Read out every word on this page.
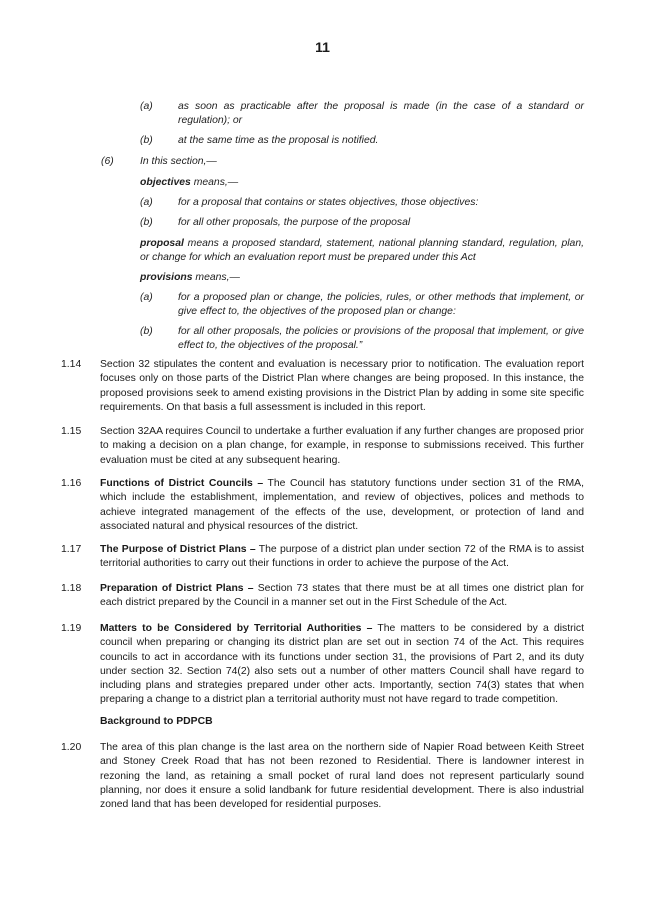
11
(a) as soon as practicable after the proposal is made (in the case of a standard or regulation); or
(b) at the same time as the proposal is notified.
(6)	In this section,—
objectives means,—
(a) for a proposal that contains or states objectives, those objectives:
(b) for all other proposals, the purpose of the proposal
proposal means a proposed standard, statement, national planning standard, regulation, plan, or change for which an evaluation report must be prepared under this Act
provisions means,—
(a) for a proposed plan or change, the policies, rules, or other methods that implement, or give effect to, the objectives of the proposed plan or change:
(b) for all other proposals, the policies or provisions of the proposal that implement, or give effect to, the objectives of the proposal.”
1.14 Section 32 stipulates the content and evaluation is necessary prior to notification. The evaluation report focuses only on those parts of the District Plan where changes are being proposed. In this instance, the proposed provisions seek to amend existing provisions in the District Plan by adding in some site specific requirements. On that basis a full assessment is included in this report.
1.15 Section 32AA requires Council to undertake a further evaluation if any further changes are proposed prior to making a decision on a plan change, for example, in response to submissions received. This further evaluation must be cited at any subsequent hearing.
1.16 Functions of District Councils – The Council has statutory functions under section 31 of the RMA, which include the establishment, implementation, and review of objectives, polices and methods to achieve integrated management of the effects of the use, development, or protection of land and associated natural and physical resources of the district.
1.17 The Purpose of District Plans – The purpose of a district plan under section 72 of the RMA is to assist territorial authorities to carry out their functions in order to achieve the purpose of the Act.
1.18 Preparation of District Plans – Section 73 states that there must be at all times one district plan for each district prepared by the Council in a manner set out in the First Schedule of the Act.
1.19 Matters to be Considered by Territorial Authorities – The matters to be considered by a district council when preparing or changing its district plan are set out in section 74 of the Act. This requires councils to act in accordance with its functions under section 31, the provisions of Part 2, and its duty under section 32. Section 74(2) also sets out a number of other matters Council shall have regard to including plans and strategies prepared under other acts. Importantly, section 74(3) states that when preparing a change to a district plan a territorial authority must not have regard to trade competition.
Background to PDPCB
1.20 The area of this plan change is the last area on the northern side of Napier Road between Keith Street and Stoney Creek Road that has not been rezoned to Residential. There is landowner interest in rezoning the land, as retaining a small pocket of rural land does not represent particularly sound planning, nor does it ensure a solid landbank for future residential development. There is also industrial zoned land that has been developed for residential purposes.
